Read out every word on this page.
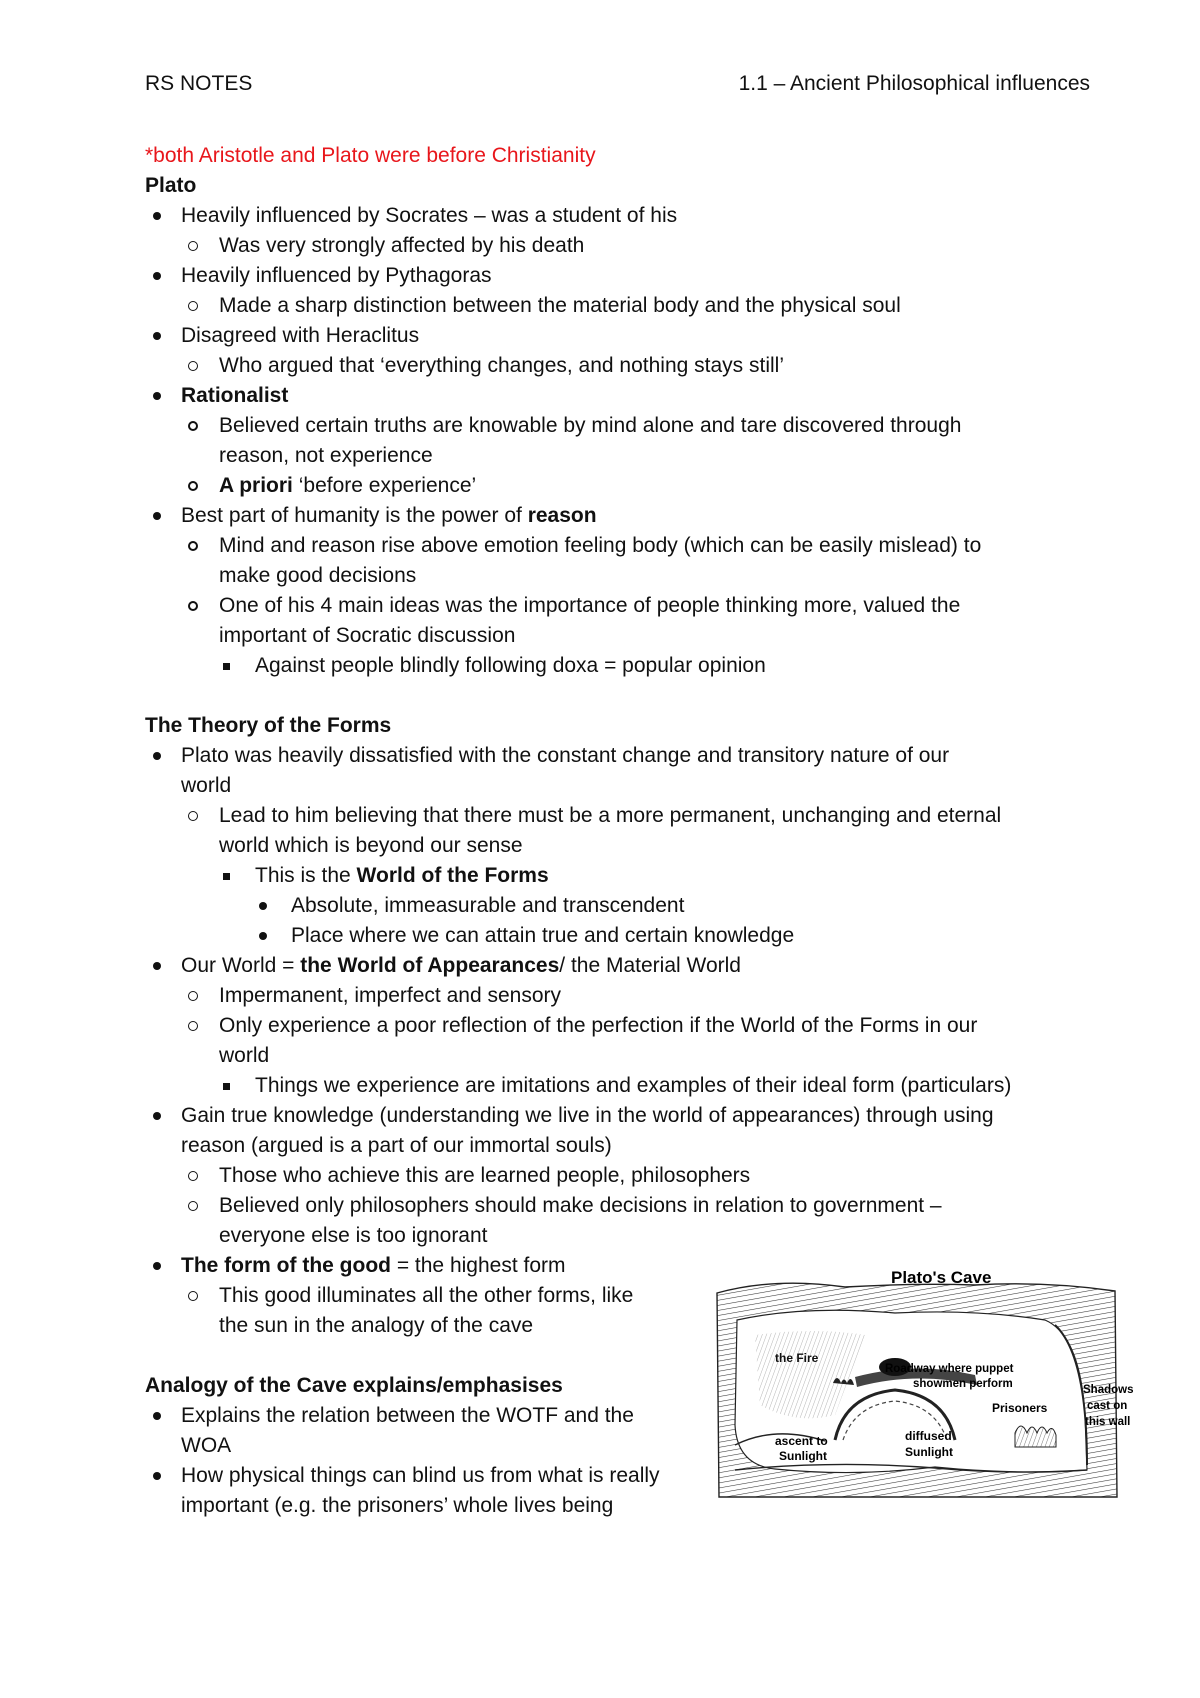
RS NOTES	1.1 – Ancient Philosophical influences
*both Aristotle and Plato were before Christianity
Plato
Heavily influenced by Socrates – was a student of his
Was very strongly affected by his death
Heavily influenced by Pythagoras
Made a sharp distinction between the material body and the physical soul
Disagreed with Heraclitus
Who argued that ‘everything changes, and nothing stays still’
Rationalist
Believed certain truths are knowable by mind alone and tare discovered through
reason, not experience
A priori ‘before experience’
Best part of humanity is the power of reason
Mind and reason rise above emotion feeling body (which can be easily mislead) to
make good decisions
One of his 4 main ideas was the importance of people thinking more, valued the
important of Socratic discussion
Against people blindly following doxa = popular opinion
The Theory of the Forms
Plato was heavily dissatisfied with the constant change and transitory nature of our
world
Lead to him believing that there must be a more permanent, unchanging and eternal
world which is beyond our sense
This is the World of the Forms
Absolute, immeasurable and transcendent
Place where we can attain true and certain knowledge
Our World = the World of Appearances/ the Material World
Impermanent, imperfect and sensory
Only experience a poor reflection of the perfection if the World of the Forms in our
world
Things we experience are imitations and examples of their ideal form (particulars)
Gain true knowledge (understanding we live in the world of appearances) through using
reason (argued is a part of our immortal souls)
Those who achieve this are learned people, philosophers
Believed only philosophers should make decisions in relation to government –
everyone else is too ignorant
The form of the good = the highest form
This good illuminates all the other forms, like
the sun in the analogy of the cave
Analogy of the Cave explains/emphasises
Explains the relation between the WOTF and the
WOA
How physical things can blind us from what is really
important (e.g. the prisoners’ whole lives being
Plato's Cave
the Fire
Roadway where puppet
showmen perform
Prisoners
Shadows
cast on
this wall
ascent to
Sunlight
diffused
Sunlight
